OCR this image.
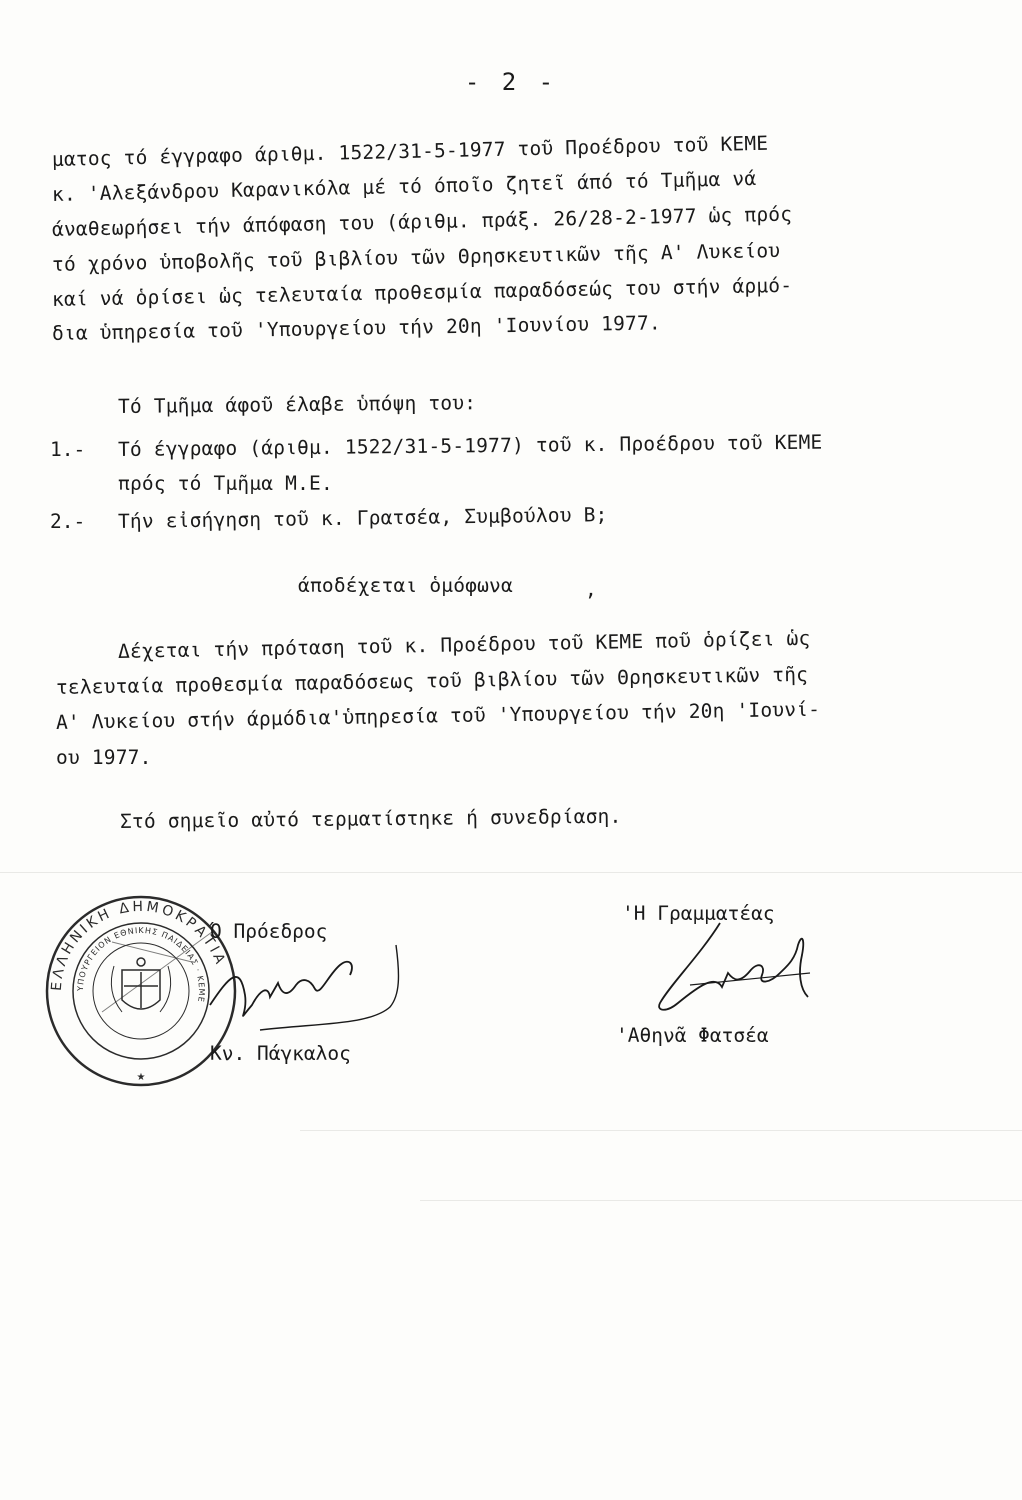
- 2 -
ματος τό έγγραφο άριθμ. 1522/31-5-1977 τοῦ Προέδρου τοῦ ΚΕΜΕ
κ. 'Αλεξάνδρου Καρανικόλα μέ τό όποῖο ζητεῖ άπό τό Τμῆμα νά
άναθεωρήσει τήν άπόφαση του (άριθμ. πράξ. 26/28-2-1977 ὡς πρός
τό χρόνο ὑποβολῆς τοῦ βιβλίου τῶν Θρησκευτικῶν τῆς Α' Λυκείου
καί νά ὁρίσει ὡς τελευταία προθεσμία παραδόσεώς του στήν άρμό-
δια ὑπηρεσία τοῦ 'Υπουργείου τήν 20η 'Ιουνίου 1977.
Τό Τμῆμα άφοῦ έλαβε ὑπόψη του:
1.- Τό έγγραφο (άριθμ. 1522/31-5-1977) τοῦ κ. Προέδρου τοῦ ΚΕΜΕ
πρός τό Τμῆμα Μ.Ε.
2.- Τήν εἰσήγηση τοῦ κ. Γρατσέα, Συμβούλου Β;
άποδέχεται ὁμόφωνα	,
Δέχεται τήν πρόταση τοῦ κ. Προέδρου τοῦ ΚΕΜΕ ποῦ ὁρίζει ὡς
τελευταία προθεσμία παραδόσεως τοῦ βιβλίου τῶν Θρησκευτικῶν τῆς
Α' Λυκείου στήν άρμόδια'ὑπηρεσία τοῦ 'Υπουργείου τήν 20η 'Ιουνί-
ου 1977.
Στό σημεῖο αὐτό τερματίστηκε ή συνεδρίαση.
ΕΛΛΗΝΙΚΗ ΔΗΜΟΚΡΑΤΙΑ
ΥΠΟΥΡΓΕΙΟΝ ΕΘΝΙΚΗΣ ΠΑΙΔΕΙΑΣ · ΚΕΜΕ
★
Ό Πρόεδρος
Κν. Πάγκαλος
'Η Γραμματέας
'Αθηνᾶ Φατσέα
